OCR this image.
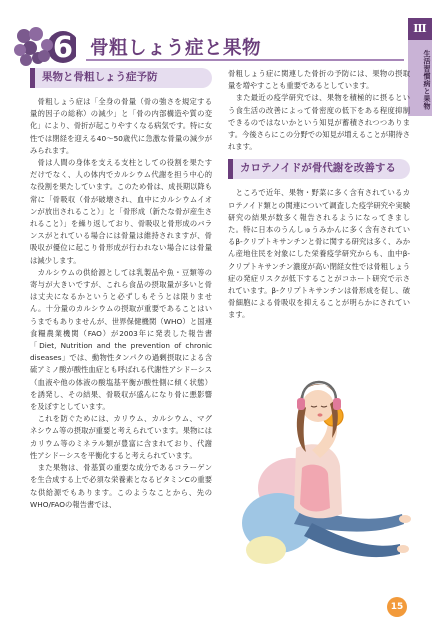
6 骨粗しょう症と果物
Ⅲ
生活習慣病と果物
果物と骨粗しょう症予防

骨粗しょう症は「全身の骨量（骨の強さを規定する量的因子の総称）の減少」と「骨の内部構造や質の変化」により、骨折が起こりやすくなる病気です。特に女性では閉経を迎える40〜50歳代に急激な骨量の減少がみられます。

骨は人間の身体を支える支柱としての役割を果たすだけでなく、人の体内でカルシウム代謝を担う中心的な役割を果たしています。このため骨は、成長期以降も常に「骨吸収（骨が破壊され、血中にカルシウムイオンが放出されること）」と「骨形成（新たな骨が産生されること）」を繰り返しており、骨吸収と骨形成のバランスがとれている場合には骨量は維持されますが、骨吸収が優位に起こり骨形成が行われない場合には骨量は減少します。

カルシウムの供給源としては乳製品や魚・豆類等の寄与が大きいですが、これら食品の摂取量が多いと骨は丈夫になるかというと必ずしもそうとは限りません。十分量のカルシウムの摂取が重要であることはいうまでもありませんが、世界保健機関（WHO）と国連食糧農業機関（FAO）が2003年に発表した報告書「Diet, Nutrition and the prevention of chronic diseases」では、動物性タンパクの過剰摂取による含硫アミノ酸が酸性血症とも呼ばれる代謝性アシドーシス（血液や他の体液の酸塩基平衡が酸性側に傾く状態）を誘発し、その結果、骨吸収が盛んになり骨に悪影響を及ぼすとしています。

これを防ぐためには、カリウム、カルシウム、マグネシウム等の摂取が重要と考えられています。果物にはカリウム等のミネラル類が豊富に含まれており、代謝性アシドーシスを平衡化すると考えられています。

また果物は、骨基質の重要な成分であるコラーゲンを生合成する上で必須な栄養素となるビタミンCの重要な供給源でもあります。このようなことから、先のWHO/FAOの報告書では、

骨粗しょう症に関連した骨折の予防には、果物の摂取量を増やすことも重要であるとしています。

また最近の疫学研究では、果物を積極的に摂るという食生活の改善によって骨密度の低下をある程度抑制できるのではないかという知見が蓄積されつつあります。今後さらにこの分野での知見が増えることが期待されます。

カロテノイドが骨代謝を改善する

ところで近年、果物・野菜に多く含有されているカロテノイド類との関連について調査した疫学研究や実験研究の結果が数多く報告されるようになってきました。特に日本のうんしゅうみかんに多く含有されているβ-クリプトキサンチンと骨に関する研究は多く、みかん産地住民を対象にした栄養疫学研究からも、血中β-クリプトキサンチン濃度が高い閉経女性では骨粗しょう症の発症リスクが低下することがコホート研究で示されています。β-クリプトキサンチンは骨形成を促し、破骨細胞による骨吸収を抑えることが明らかにされています。

15
